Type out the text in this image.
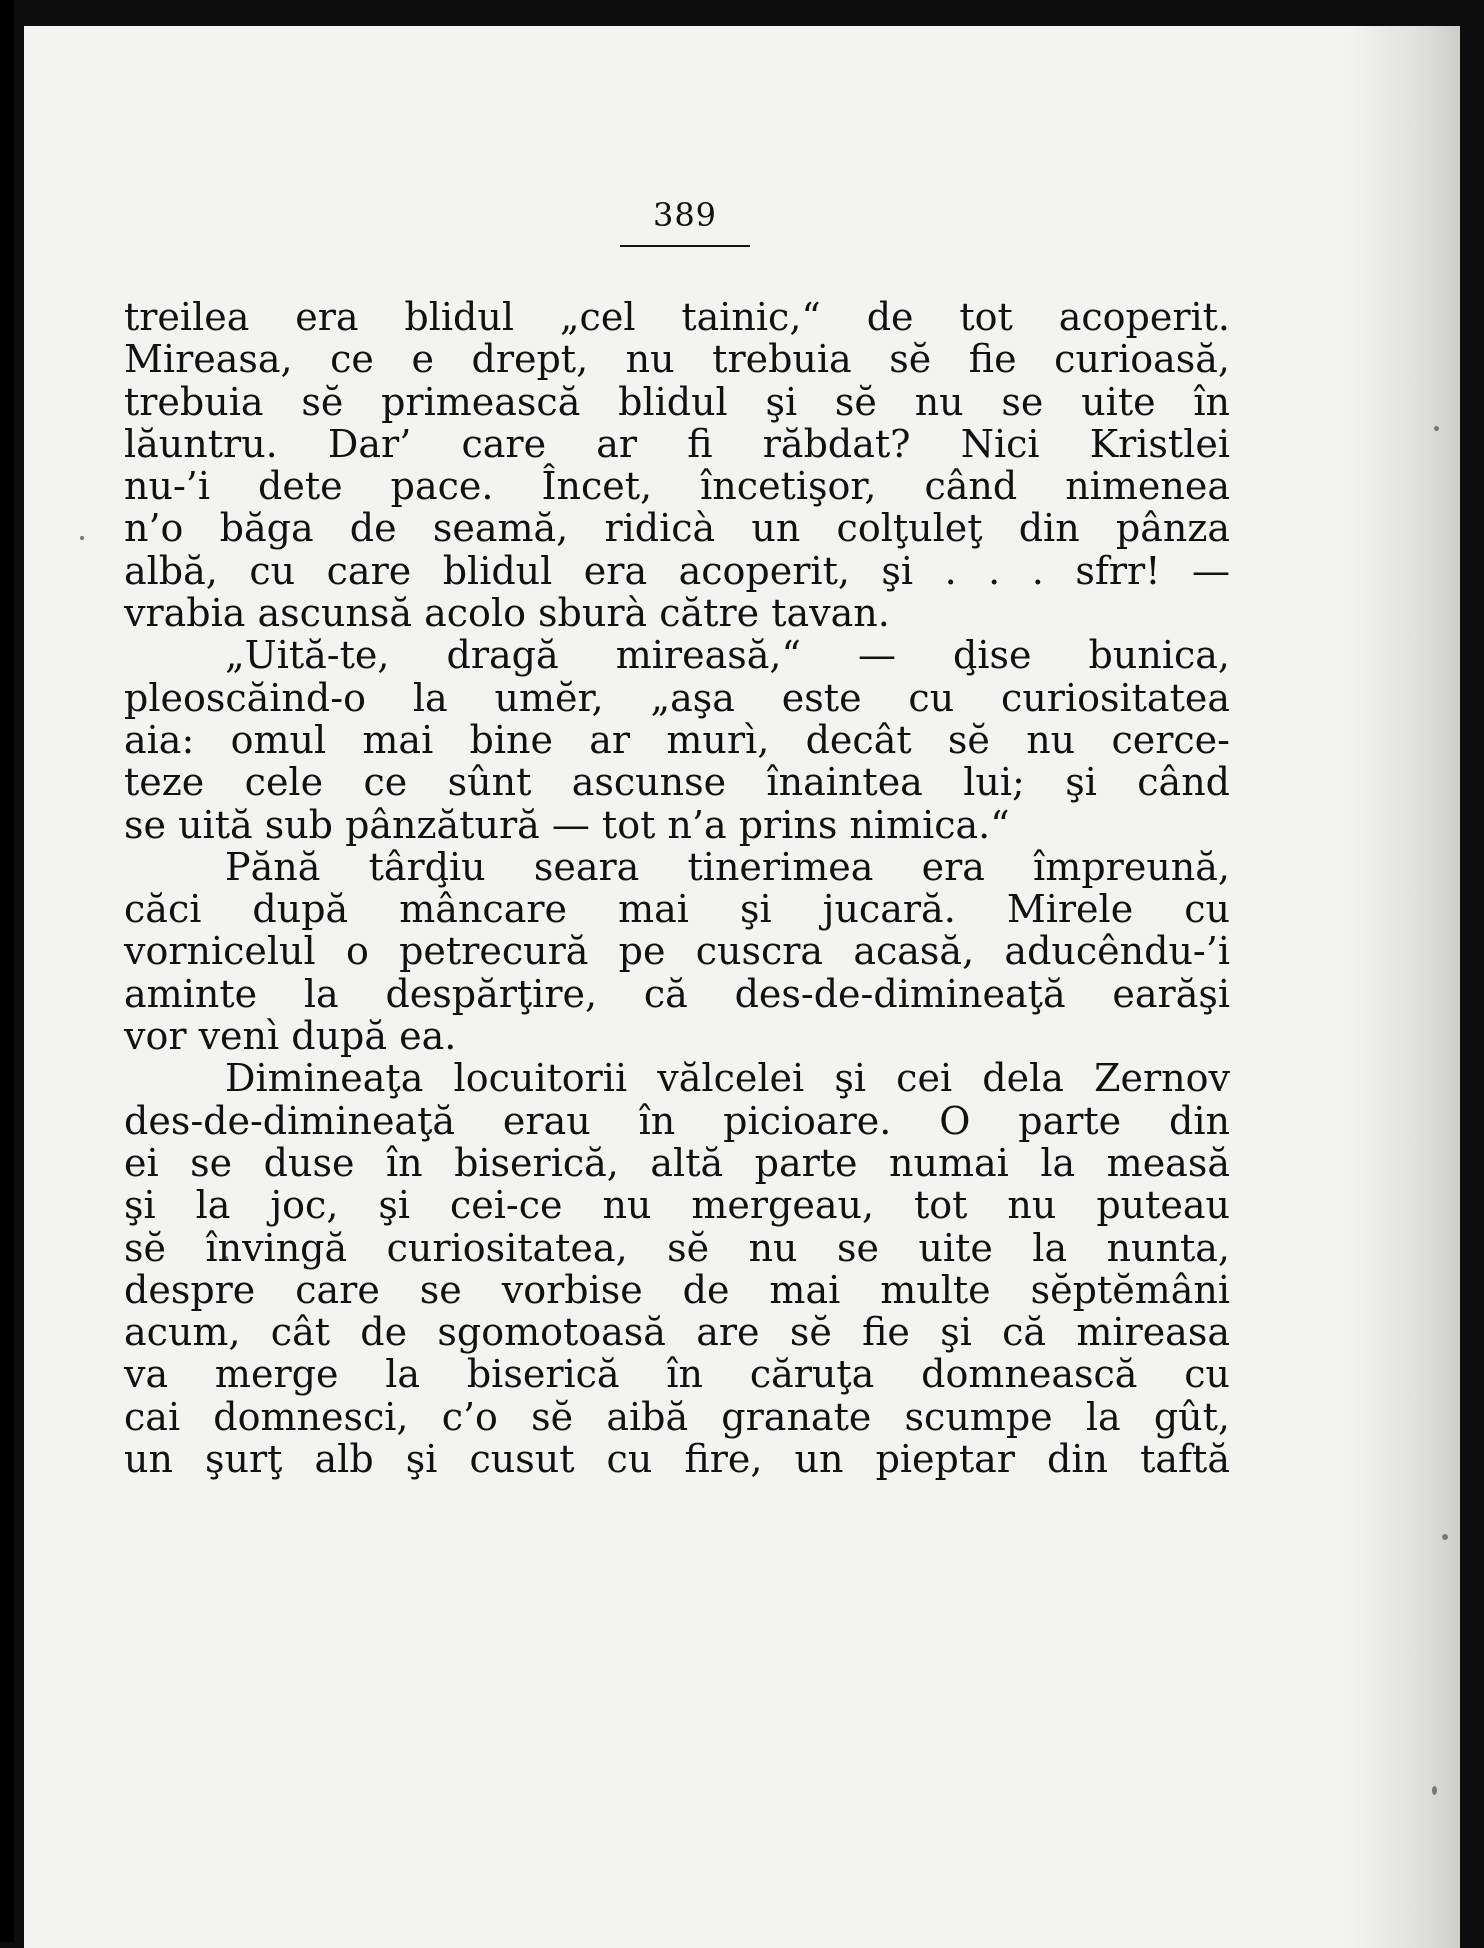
389
treilea era blidul „cel tainic,“ de tot acoperit.
Mireasa, ce e drept, nu trebuia sĕ fie curioasă,
trebuia sĕ primească blidul şi sĕ nu se uite în
lăuntru. Dar’ care ar fi răbdat? Nici Kristlei
nu-’i dete pace. Încet, încetişor, când nimenea
n’o băga de seamă, ridicà un colţuleţ din pânza
albă, cu care blidul era acoperit, şi . . . sfrr! —
vrabia ascunsă acolo sburà către tavan.
„Uită-te, dragă mireasă,“ — ḑise bunica,
pleoscăind-o la umĕr, „aşa este cu curiositatea
aia: omul mai bine ar murì, decât sĕ nu cerce-
teze cele ce sûnt ascunse înaintea lui; şi când
se uită sub pânzătură — tot n’a prins nimica.“
Pănă târḑiu seara tinerimea era împreună,
căci după mâncare mai şi jucară. Mirele cu
vornicelul o petrecură pe cuscra acasă, aducêndu-’i
aminte la despărţire, că des-de-dimineaţă earăşi
vor venì după ea.
Dimineaţa locuitorii vălcelei şi cei dela Zernov
des-de-dimineaţă erau în picioare. O parte din
ei se duse în biserică, altă parte numai la measă
şi la joc, şi cei-ce nu mergeau, tot nu puteau
sĕ învingă curiositatea, sĕ nu se uite la nunta,
despre care se vorbise de mai multe sĕptĕmâni
acum, cât de sgomotoasă are sĕ fie şi că mireasa
va merge la biserică în căruţa domnească cu
cai domnesci, c’o sĕ aibă granate scumpe la gût,
un şurţ alb şi cusut cu fire, un pieptar din taftă
